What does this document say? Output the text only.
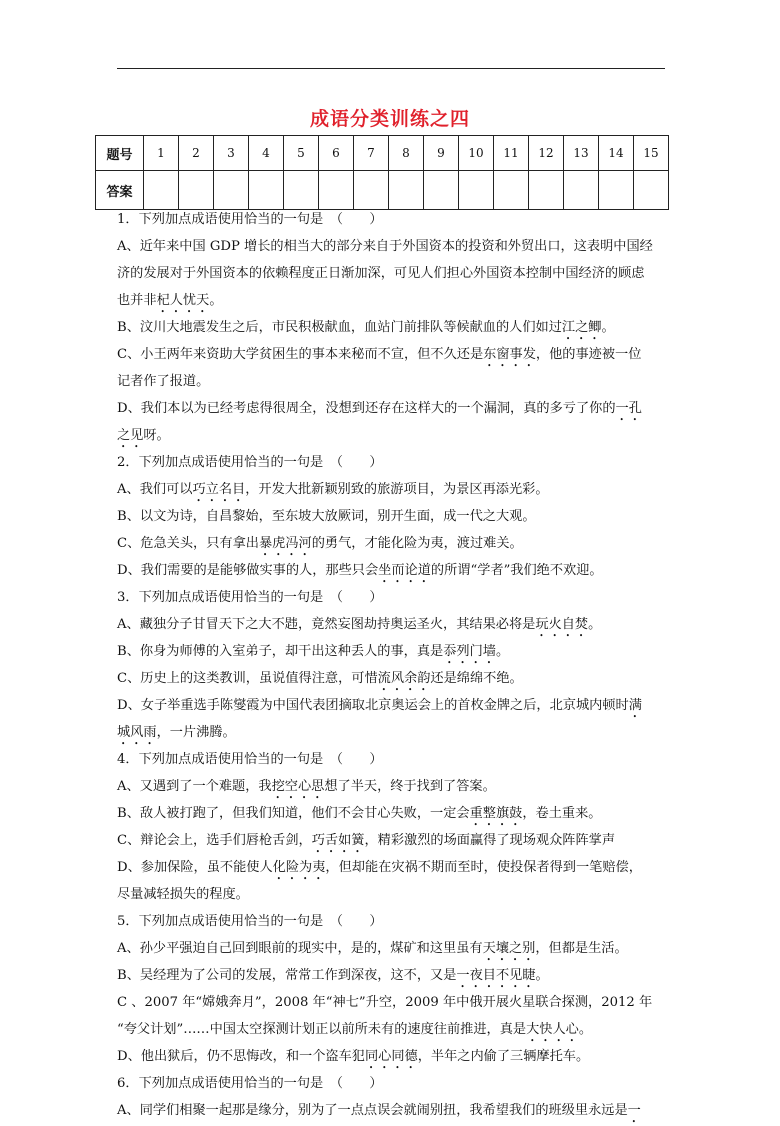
成语分类训练之四
题号	1	2	3	4	5	6	7	8	9	10	11	12	13	14	15
答案															

1．下列加点成语使用恰当的一句是　（　　）

A、近年来中国 GDP 增长的相当大的部分来自于外国资本的投资和外贸出口，这表明中国经

济的发展对于外国资本的依赖程度正日渐加深，可见人们担心外国资本控制中国经济的顾虑

也并非杞人忧天。

B、汶川大地震发生之后，市民积极献血，血站门前排队等候献血的人们如过江之鲫。

C、小王两年来资助大学贫困生的事本来秘而不宣，但不久还是东窗事发，他的事迹被一位

记者作了报道。

D、我们本以为已经考虑得很周全，没想到还存在这样大的一个漏洞，真的多亏了你的一孔

之见呀。

2．下列加点成语使用恰当的一句是　（　　）

A、我们可以巧立名目，开发大批新颖别致的旅游项目，为景区再添光彩。

B、以文为诗，自昌黎始，至东坡大放厥词，别开生面，成一代之大观。

C、危急关头，只有拿出暴虎冯河的勇气，才能化险为夷，渡过难关。

D、我们需要的是能够做实事的人，那些只会坐而论道的所谓“学者”我们绝不欢迎。

3．下列加点成语使用恰当的一句是　（　　）

A、藏独分子甘冒天下之大不韪，竟然妄图劫持奥运圣火，其结果必将是玩火自焚。

B、你身为师傅的入室弟子，却干出这种丢人的事，真是忝列门墙。

C、历史上的这类教训，虽说值得注意，可惜流风余韵还是绵绵不绝。

D、女子举重选手陈燮霞为中国代表团摘取北京奥运会上的首枚金牌之后，北京城内顿时满

城风雨，一片沸腾。

4．下列加点成语使用恰当的一句是　（　　）

A、又遇到了一个难题，我挖空心思想了半天，终于找到了答案。

B、敌人被打跑了，但我们知道，他们不会甘心失败，一定会重整旗鼓，卷土重来。

C、辩论会上，选手们唇枪舌剑，巧舌如簧，精彩激烈的场面赢得了现场观众阵阵掌声

D、参加保险，虽不能使人化险为夷，但却能在灾祸不期而至时，使投保者得到一笔赔偿，

尽量减轻损失的程度。

5．下列加点成语使用恰当的一句是　（　　）

A、孙少平强迫自己回到眼前的现实中，是的，煤矿和这里虽有天壤之别，但都是生活。

B、吴经理为了公司的发展，常常工作到深夜，这不，又是一夜目不见睫。

C 、2007 年“嫦娥奔月”，2008 年“神七”升空，2009 年中俄开展火星联合探测，2012 年

“夸父计划”……中国太空探测计划正以前所未有的速度往前推进，真是大快人心。

D、他出狱后，仍不思悔改，和一个盗车犯同心同德，半年之内偷了三辆摩托车。

6．下列加点成语使用恰当的一句是　（　　）

A、同学们相聚一起那是缘分，别为了一点点误会就闹别扭，我希望我们的班级里永远是一
